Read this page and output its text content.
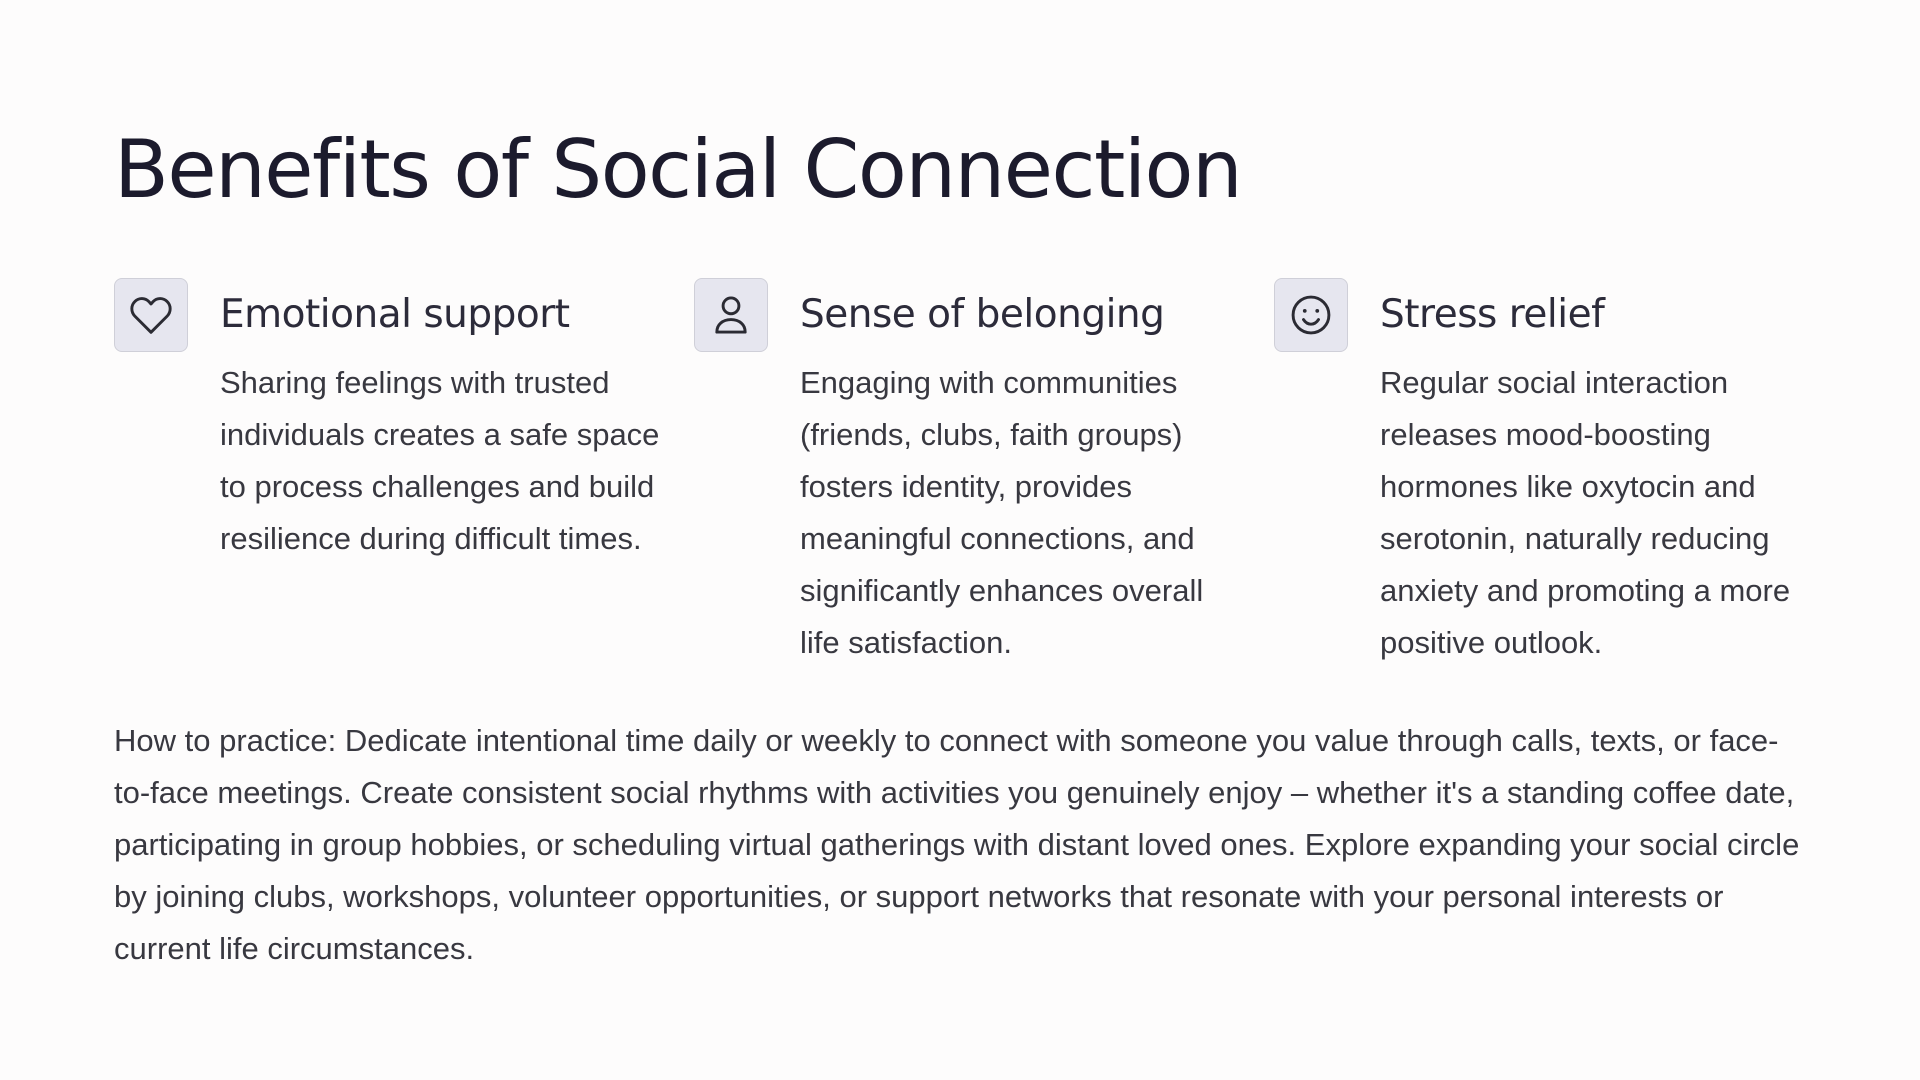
Benefits of Social Connection
Emotional support

Sharing feelings with trusted individuals creates a safe space to process challenges and build resilience during difficult times.

Sense of belonging

Engaging with communities (friends, clubs, faith groups) fosters identity, provides meaningful connections, and significantly enhances overall life satisfaction.

Stress relief

Regular social interaction releases mood-boosting hormones like oxytocin and serotonin, naturally reducing anxiety and promoting a more positive outlook.

How to practice: Dedicate intentional time daily or weekly to connect with someone you value through calls, texts, or face-to-face meetings. Create consistent social rhythms with activities you genuinely enjoy – whether it's a standing coffee date, participating in group hobbies, or scheduling virtual gatherings with distant loved ones. Explore expanding your social circle by joining clubs, workshops, volunteer opportunities, or support networks that resonate with your personal interests or current life circumstances.
